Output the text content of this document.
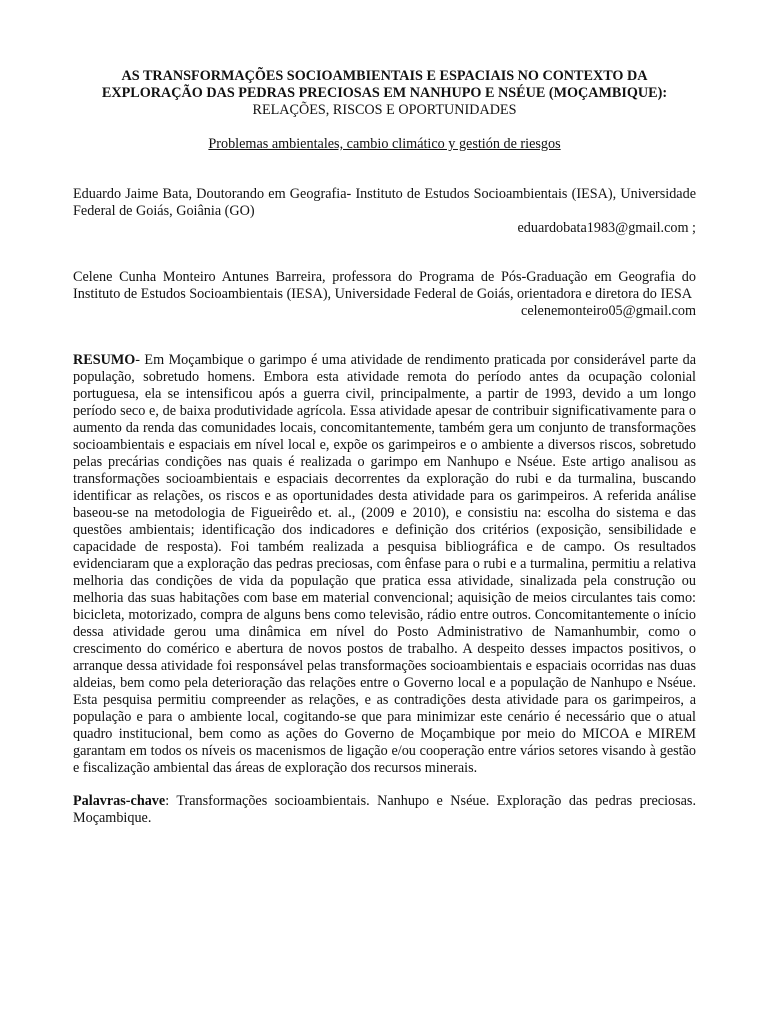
AS TRANSFORMAÇÕES SOCIOAMBIENTAIS E ESPACIAIS NO CONTEXTO DA
EXPLORAÇÃO DAS PEDRAS PRECIOSAS EM NANHUPO E NSÉUE (MOÇAMBIQUE):
RELAÇÕES, RISCOS E OPORTUNIDADES
Problemas ambientales, cambio climático y gestión de riesgos
Eduardo Jaime Bata, Doutorando em Geografia- Instituto de Estudos Socioambientais (IESA), Universidade Federal de Goiás, Goiânia (GO)
eduardobata1983@gmail.com ;
Celene Cunha Monteiro Antunes Barreira, professora do Programa de Pós-Graduação em Geografia do Instituto de Estudos Socioambientais (IESA), Universidade Federal de Goiás, orientadora e diretora do IESA
celenemonteiro05@gmail.com
RESUMO- Em Moçambique o garimpo é uma atividade de rendimento praticada por considerável parte da população, sobretudo homens. Embora esta atividade remota do período antes da ocupação colonial portuguesa, ela se intensificou após a guerra civil, principalmente, a partir de 1993, devido a um longo período seco e, de baixa produtividade agrícola. Essa atividade apesar de contribuir significativamente para o aumento da renda das comunidades locais, concomitantemente, também gera um conjunto de transformações socioambientais e espaciais em nível local e, expõe os garimpeiros e o ambiente a diversos riscos, sobretudo pelas precárias condições nas quais é realizada o garimpo em Nanhupo e Nséue. Este artigo analisou as transformações socioambientais e espaciais decorrentes da exploração do rubi e da turmalina, buscando identificar as relações, os riscos e as oportunidades desta atividade para os garimpeiros. A referida análise baseou-se na metodologia de Figueirêdo et. al., (2009 e 2010), e consistiu na: escolha do sistema e das questões ambientais; identificação dos indicadores e definição dos critérios (exposição, sensibilidade e capacidade de resposta). Foi também realizada a pesquisa bibliográfica e de campo. Os resultados evidenciaram que a exploração das pedras preciosas, com ênfase para o rubi e a turmalina, permitiu a relativa melhoria das condições de vida da população que pratica essa atividade, sinalizada pela construção ou melhoria das suas habitações com base em material convencional; aquisição de meios circulantes tais como: bicicleta, motorizado, compra de alguns bens como televisão, rádio entre outros. Concomitantemente o início dessa atividade gerou uma dinâmica em nível do Posto Administrativo de Namanhumbir, como o crescimento do comérico e abertura de novos postos de trabalho. A despeito desses impactos positivos, o arranque dessa atividade foi responsável pelas transformações socioambientais e espaciais ocorridas nas duas aldeias, bem como pela deterioração das relações entre o Governo local e a população de Nanhupo e Nséue. Esta pesquisa permitiu compreender as relações, e as contradições desta atividade para os garimpeiros, a população e para o ambiente local, cogitando-se que para minimizar este cenário é necessário que o atual quadro institucional, bem como as ações do Governo de Moçambique por meio do MICOA e MIREM garantam em todos os níveis os macenismos de ligação e/ou cooperação entre vários setores visando à gestão e fiscalização ambiental das áreas de exploração dos recursos minerais.
Palavras-chave: Transformações socioambientais. Nanhupo e Nséue. Exploração das pedras preciosas. Moçambique.
